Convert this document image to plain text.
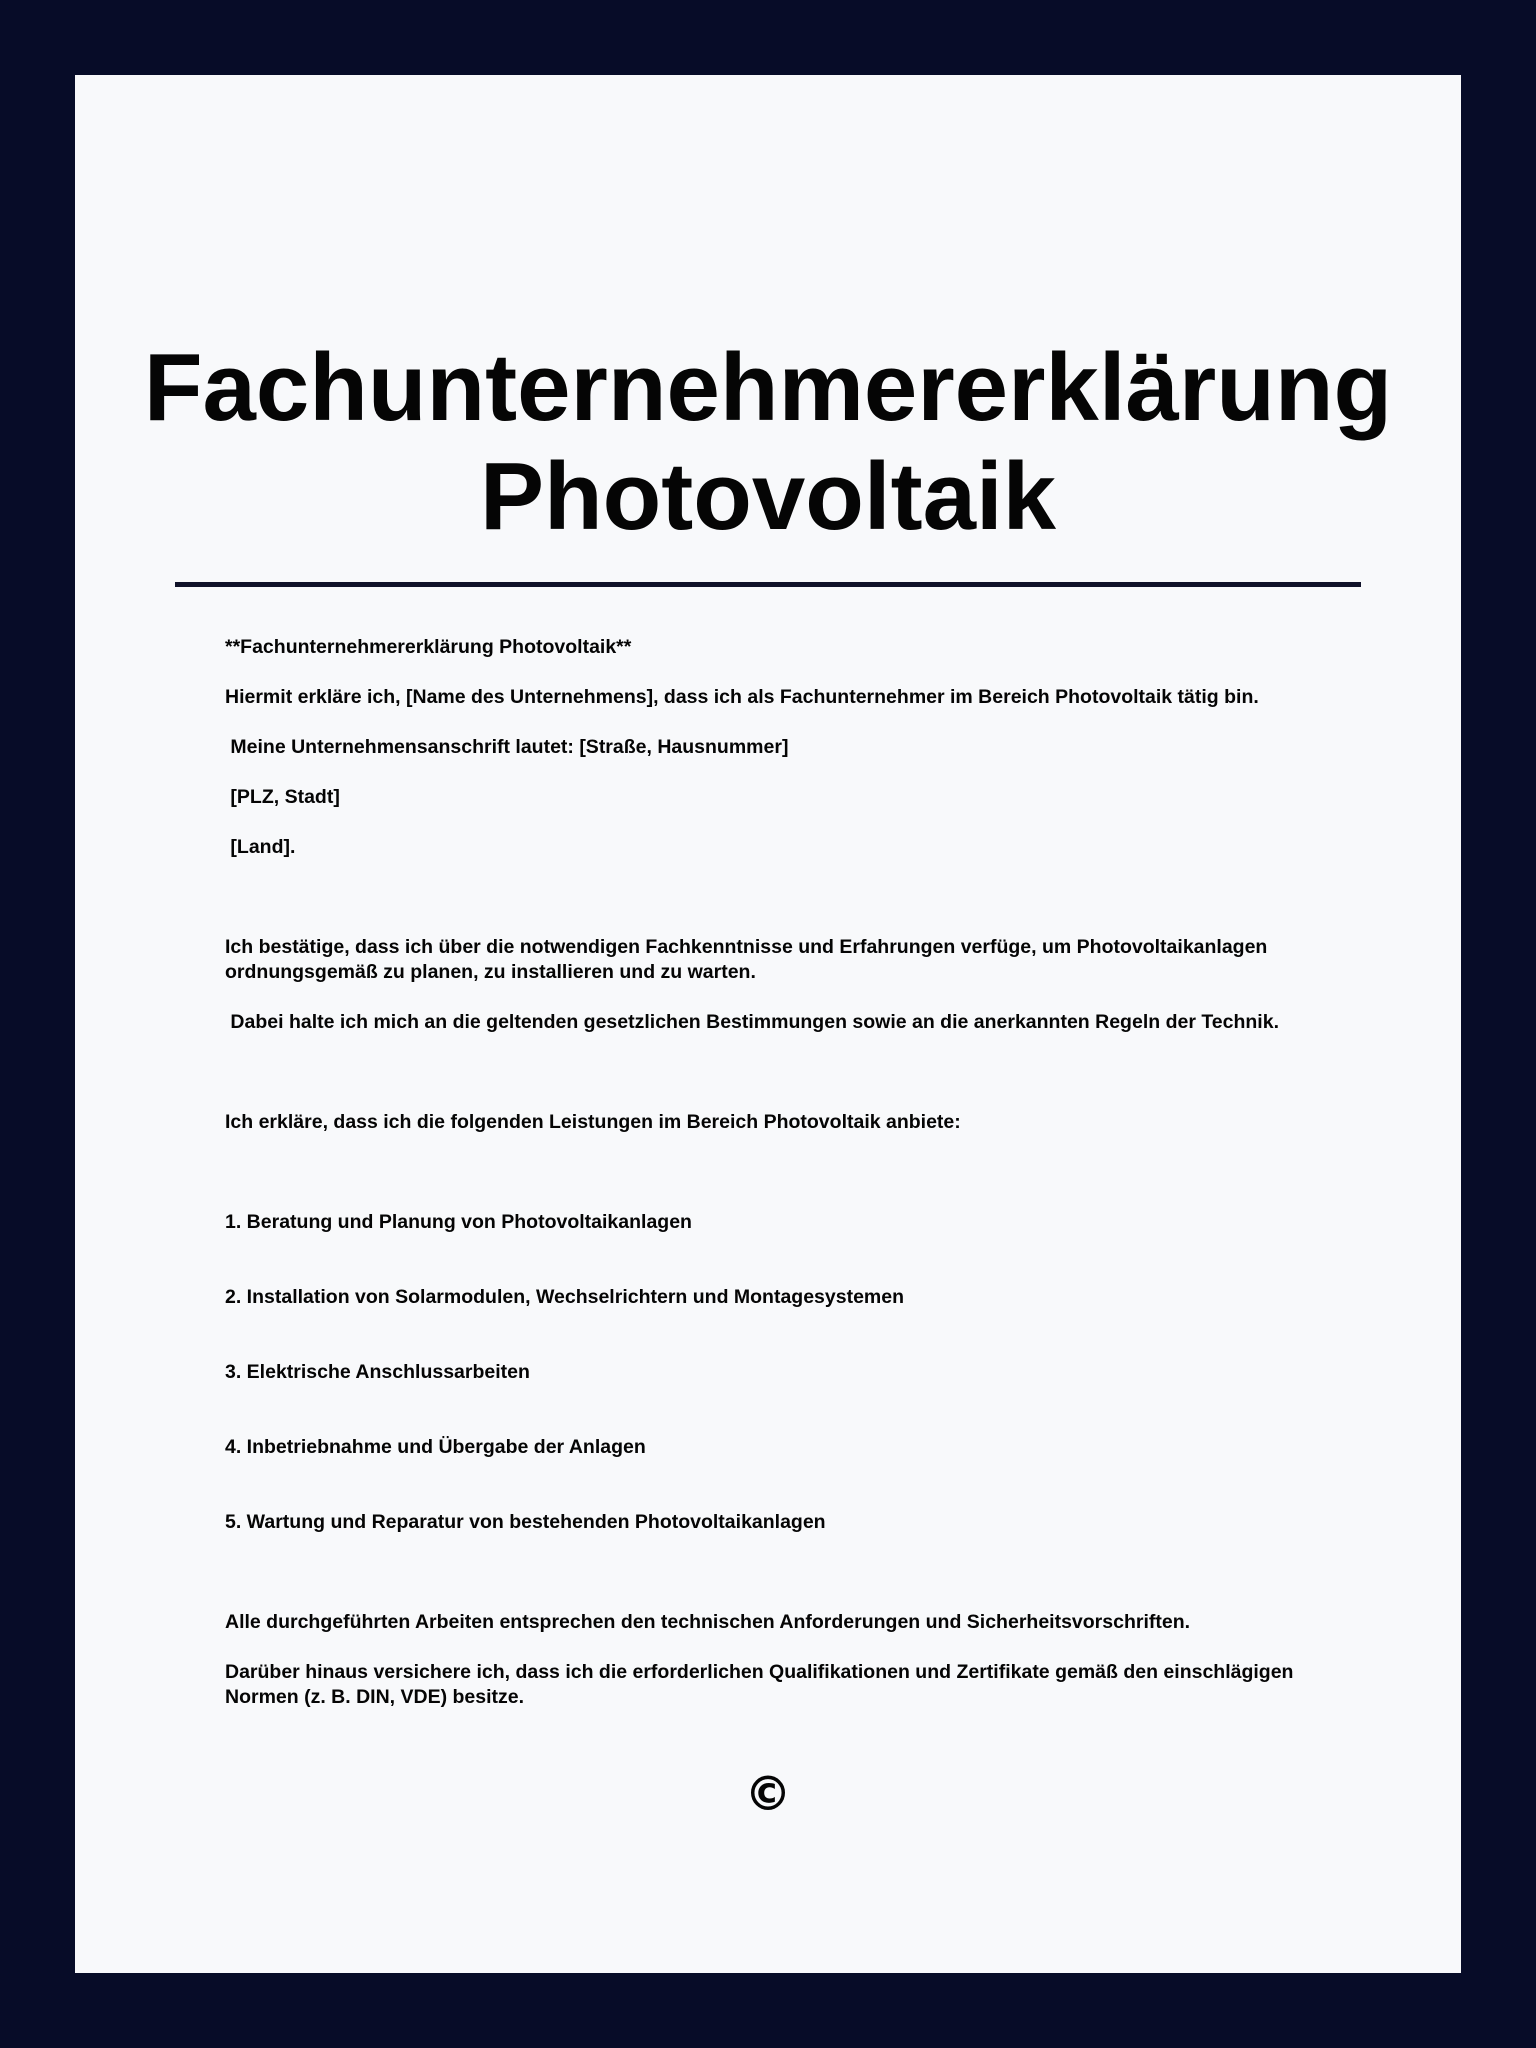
Fachunternehmererklärung
Photovoltaik

**Fachunternehmererklärung Photovoltaik**

Hiermit erkläre ich, [Name des Unternehmens], dass ich als Fachunternehmer im Bereich Photovoltaik tätig bin.

Meine Unternehmensanschrift lautet: [Straße, Hausnummer]

[PLZ, Stadt]

[Land].

Ich bestätige, dass ich über die notwendigen Fachkenntnisse und Erfahrungen verfüge, um Photovoltaikanlagen ordnungsgemäß zu planen, zu installieren und zu warten.

Dabei halte ich mich an die geltenden gesetzlichen Bestimmungen sowie an die anerkannten Regeln der Technik.

Ich erkläre, dass ich die folgenden Leistungen im Bereich Photovoltaik anbiete:

1. Beratung und Planung von Photovoltaikanlagen

2. Installation von Solarmodulen, Wechselrichtern und Montagesystemen

3. Elektrische Anschlussarbeiten

4. Inbetriebnahme und Übergabe der Anlagen

5. Wartung und Reparatur von bestehenden Photovoltaikanlagen

Alle durchgeführten Arbeiten entsprechen den technischen Anforderungen und Sicherheitsvorschriften.

Darüber hinaus versichere ich, dass ich die erforderlichen Qualifikationen und Zertifikate gemäß den einschlägigen Normen (z. B. DIN, VDE) besitze.

©
